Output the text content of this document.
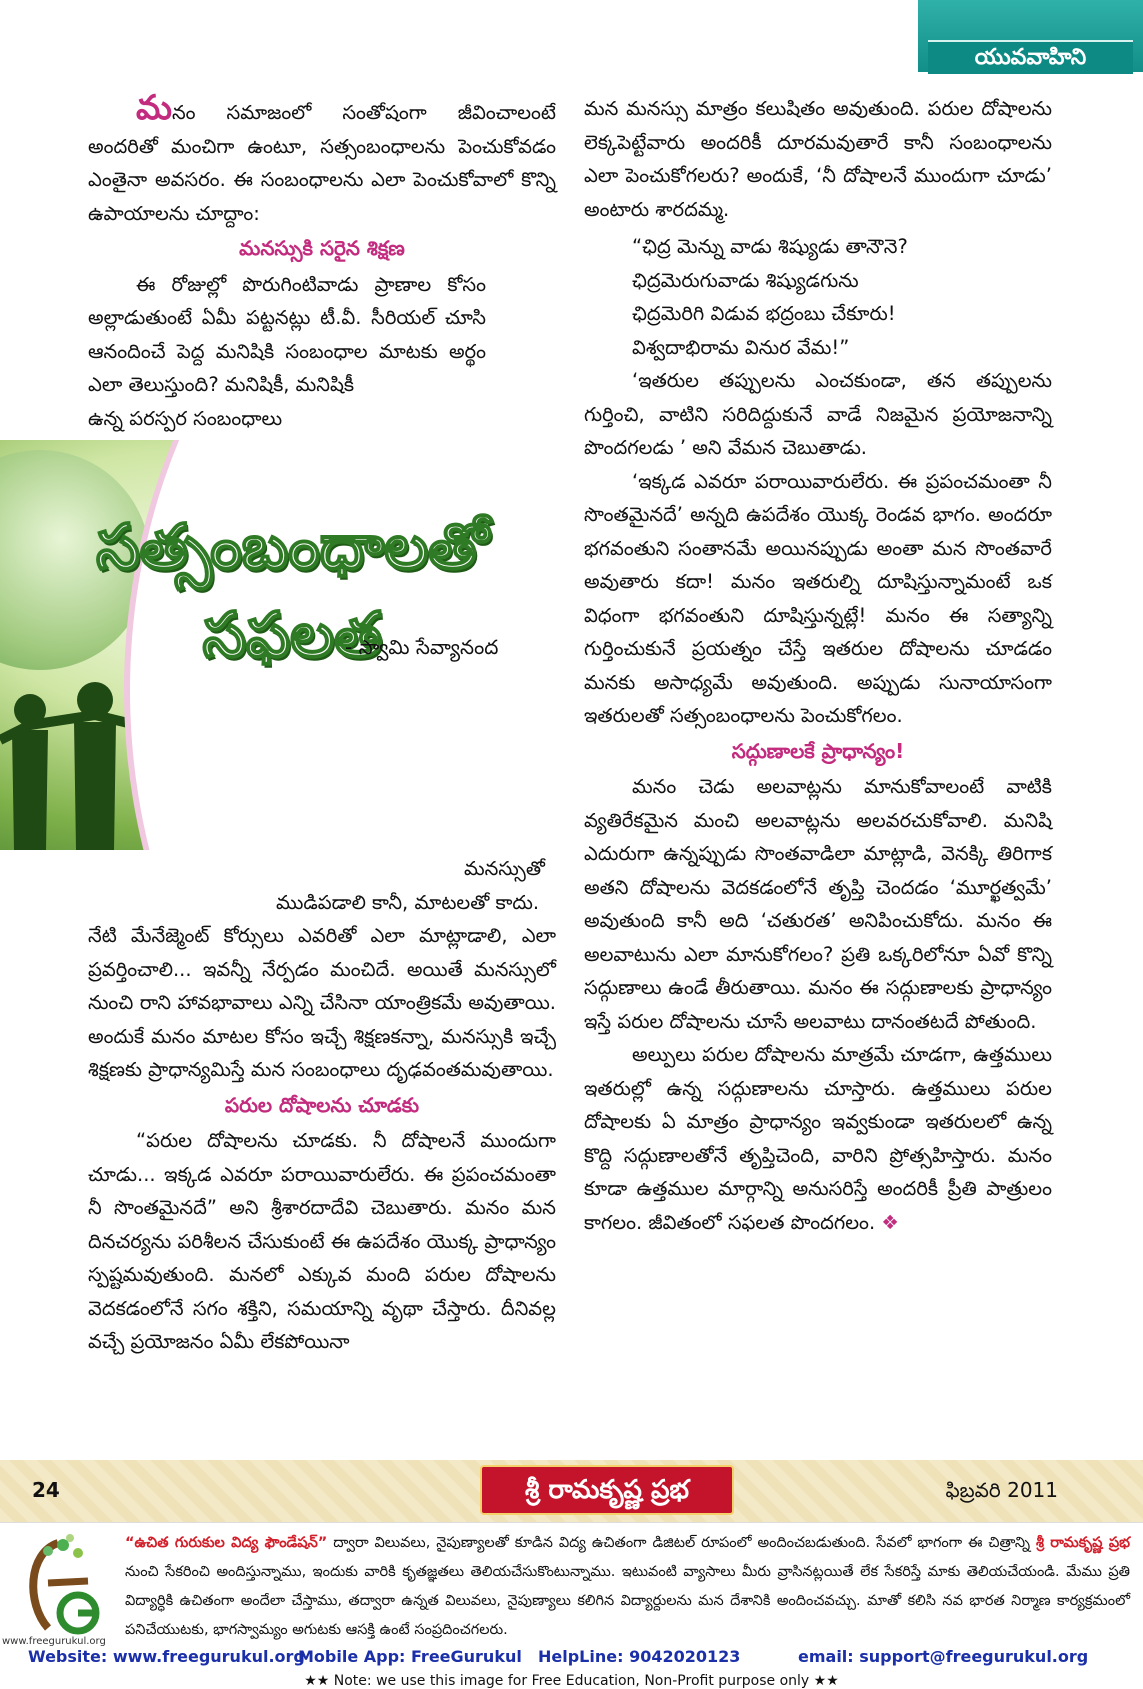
యువవాహిని

మనం సమాజంలో సంతోషంగా జీవించాలంటే అందరితో మంచిగా ఉంటూ, సత్సంబంధాలను పెంచుకోవడం ఎంతైనా అవసరం. ఈ సంబంధాలను ఎలా పెంచుకోవాలో కొన్ని ఉపాయాలను చూద్దాం:

మనస్సుకి సరైన శిక్షణ

ఈ రోజుల్లో పొరుగింటివాడు ప్రాణాల కోసం అల్లాడుతుంటే ఏమీ పట్టనట్లు టీ.వీ. సీరియల్ చూసి ఆనందించే పెద్ద మనిషికి సంబంధాల మాటకు అర్థం ఎలా తెలుస్తుంది? మనిషికీ, మనిషికీ

ఉన్న పరస్పర సంబంధాలు

సత్సంబంధాలతో సఫలత
- స్వామి సేవ్యానంద

మనస్సుతో

ముడిపడాలి కానీ, మాటలతో కాదు.

నేటి మేనేజ్మెంట్ కోర్సులు ఎవరితో ఎలా మాట్లాడాలి, ఎలా ప్రవర్తించాలి... ఇవన్నీ నేర్పడం మంచిదే. అయితే మనస్సులో నుంచి రాని హావభావాలు ఎన్ని చేసినా యాంత్రికమే అవుతాయి. అందుకే మనం మాటల కోసం ఇచ్చే శిక్షణకన్నా, మనస్సుకి ఇచ్చే శిక్షణకు ప్రాధాన్యమిస్తే మన సంబంధాలు దృఢవంతమవుతాయి.

పరుల దోషాలను చూడకు

“పరుల దోషాలను చూడకు. నీ దోషాలనే ముందుగా చూడు... ఇక్కడ ఎవరూ పరాయివారులేరు. ఈ ప్రపంచమంతా నీ సొంతమైనదే” అని శ్రీశారదాదేవి చెబుతారు. మనం మన దినచర్యను పరిశీలన చేసుకుంటే ఈ ఉపదేశం యొక్క ప్రాధాన్యం స్పష్టమవుతుంది. మనలో ఎక్కువ మంది పరుల దోషాలను వెదకడంలోనే సగం శక్తిని, సమయాన్ని వృథా చేస్తారు. దీనివల్ల వచ్చే ప్రయోజనం ఏమీ లేకపోయినా

మన మనస్సు మాత్రం కలుషితం అవుతుంది. పరుల దోషాలను లెక్కపెట్టేవారు అందరికీ దూరమవుతారే కానీ సంబంధాలను ఎలా పెంచుకోగలరు? అందుకే, ‘నీ దోషాలనే ముందుగా చూడు’ అంటారు శారదమ్మ.

“ఛిద్ర మెన్ను వాడు శిష్యుడు తానౌనె?

ఛిద్రమెరుగువాడు శిష్యుడగును

ఛిద్రమెరిగి విడువ భద్రంబు చేకూరు!

విశ్వదాభిరామ వినుర వేమ!”

‘ఇతరుల తప్పులను ఎంచకుండా, తన తప్పులను గుర్తించి, వాటిని సరిదిద్దుకునే వాడే నిజమైన ప్రయోజనాన్ని పొందగలడు ’ అని వేమన చెబుతాడు.

‘ఇక్కడ ఎవరూ పరాయివారులేరు. ఈ ప్రపంచమంతా నీ సొంతమైనదే’ అన్నది ఉపదేశం యొక్క రెండవ భాగం. అందరూ భగవంతుని సంతానమే అయినప్పుడు అంతా మన సొంతవారే అవుతారు కదా! మనం ఇతరుల్ని దూషిస్తున్నామంటే ఒక విధంగా భగవంతుని దూషిస్తున్నట్లే! మనం ఈ సత్యాన్ని గుర్తించుకునే ప్రయత్నం చేస్తే ఇతరుల దోషాలను చూడడం మనకు అసాధ్యమే అవుతుంది. అప్పుడు సునాయాసంగా ఇతరులతో సత్సంబంధాలను పెంచుకోగలం.

సద్గుణాలకే ప్రాధాన్యం!

మనం చెడు అలవాట్లను మానుకోవాలంటే వాటికి వ్యతిరేకమైన మంచి అలవాట్లను అలవరచుకోవాలి. మనిషి ఎదురుగా ఉన్నప్పుడు సొంతవాడిలా మాట్లాడి, వెనక్కి తిరిగాక అతని దోషాలను వెదకడంలోనే తృప్తి చెందడం ‘మూర్ఖత్వమే’ అవుతుంది కానీ అది ‘చతురత’ అనిపించుకోదు. మనం ఈ అలవాటును ఎలా మానుకోగలం? ప్రతి ఒక్కరిలోనూ ఏవో కొన్ని సద్గుణాలు ఉండే తీరుతాయి. మనం ఈ సద్గుణాలకు ప్రాధాన్యం ఇస్తే పరుల దోషాలను చూసే అలవాటు దానంతటదే పోతుంది.

అల్పులు పరుల దోషాలను మాత్రమే చూడగా, ఉత్తములు ఇతరుల్లో ఉన్న సద్గుణాలను చూస్తారు. ఉత్తములు పరుల దోషాలకు ఏ మాత్రం ప్రాధాన్యం ఇవ్వకుండా ఇతరులలో ఉన్న కొద్ది సద్గుణాలతోనే తృప్తిచెంది, వారిని ప్రోత్సహిస్తారు. మనం కూడా ఉత్తముల మార్గాన్ని అనుసరిస్తే అందరికీ ప్రీతి పాత్రులం కాగలం. జీవితంలో సఫలత పొందగలం. ❖

24	శ్రీ రామకృష్ణ ప్రభ	ఫిబ్రవరి 2011
www.freegurukul.org
“ఉచిత గురుకుల విద్య ఫౌండేషన్” ద్వారా విలువలు, నైపుణ్యాలతో కూడిన విద్య ఉచితంగా డిజిటల్ రూపంలో అందించబడుతుంది. సేవలో భాగంగా ఈ చిత్రాన్ని శ్రీ రామకృష్ణ ప్రభ నుంచి సేకరించి అందిస్తున్నాము, ఇందుకు వారికి కృతజ్ఞతలు తెలియచేసుకొంటున్నాము. ఇటువంటి వ్యాసాలు మీరు వ్రాసినట్లయితే లేక సేకరిస్తే మాకు తెలియచేయండి. మేము ప్రతి విద్యార్ధికి ఉచితంగా అందేలా చేస్తాము, తద్వారా ఉన్నత విలువలు, నైపుణ్యాలు కలిగిన విద్యార్దులను మన దేశానికి అందించవచ్చు. మాతో కలిసి నవ భారత నిర్మాణ కార్యక్రమంలో పనిచేయుటకు, భాగస్వామ్యం అగుటకు ఆసక్తి ఉంటే సంప్రదించగలరు.
Website: www.freegurukul.org
Mobile App: FreeGurukul	HelpLine: 9042020123	email: support@freegurukul.org
★★ Note: we use this image for Free Education, Non-Profit purpose only ★★
